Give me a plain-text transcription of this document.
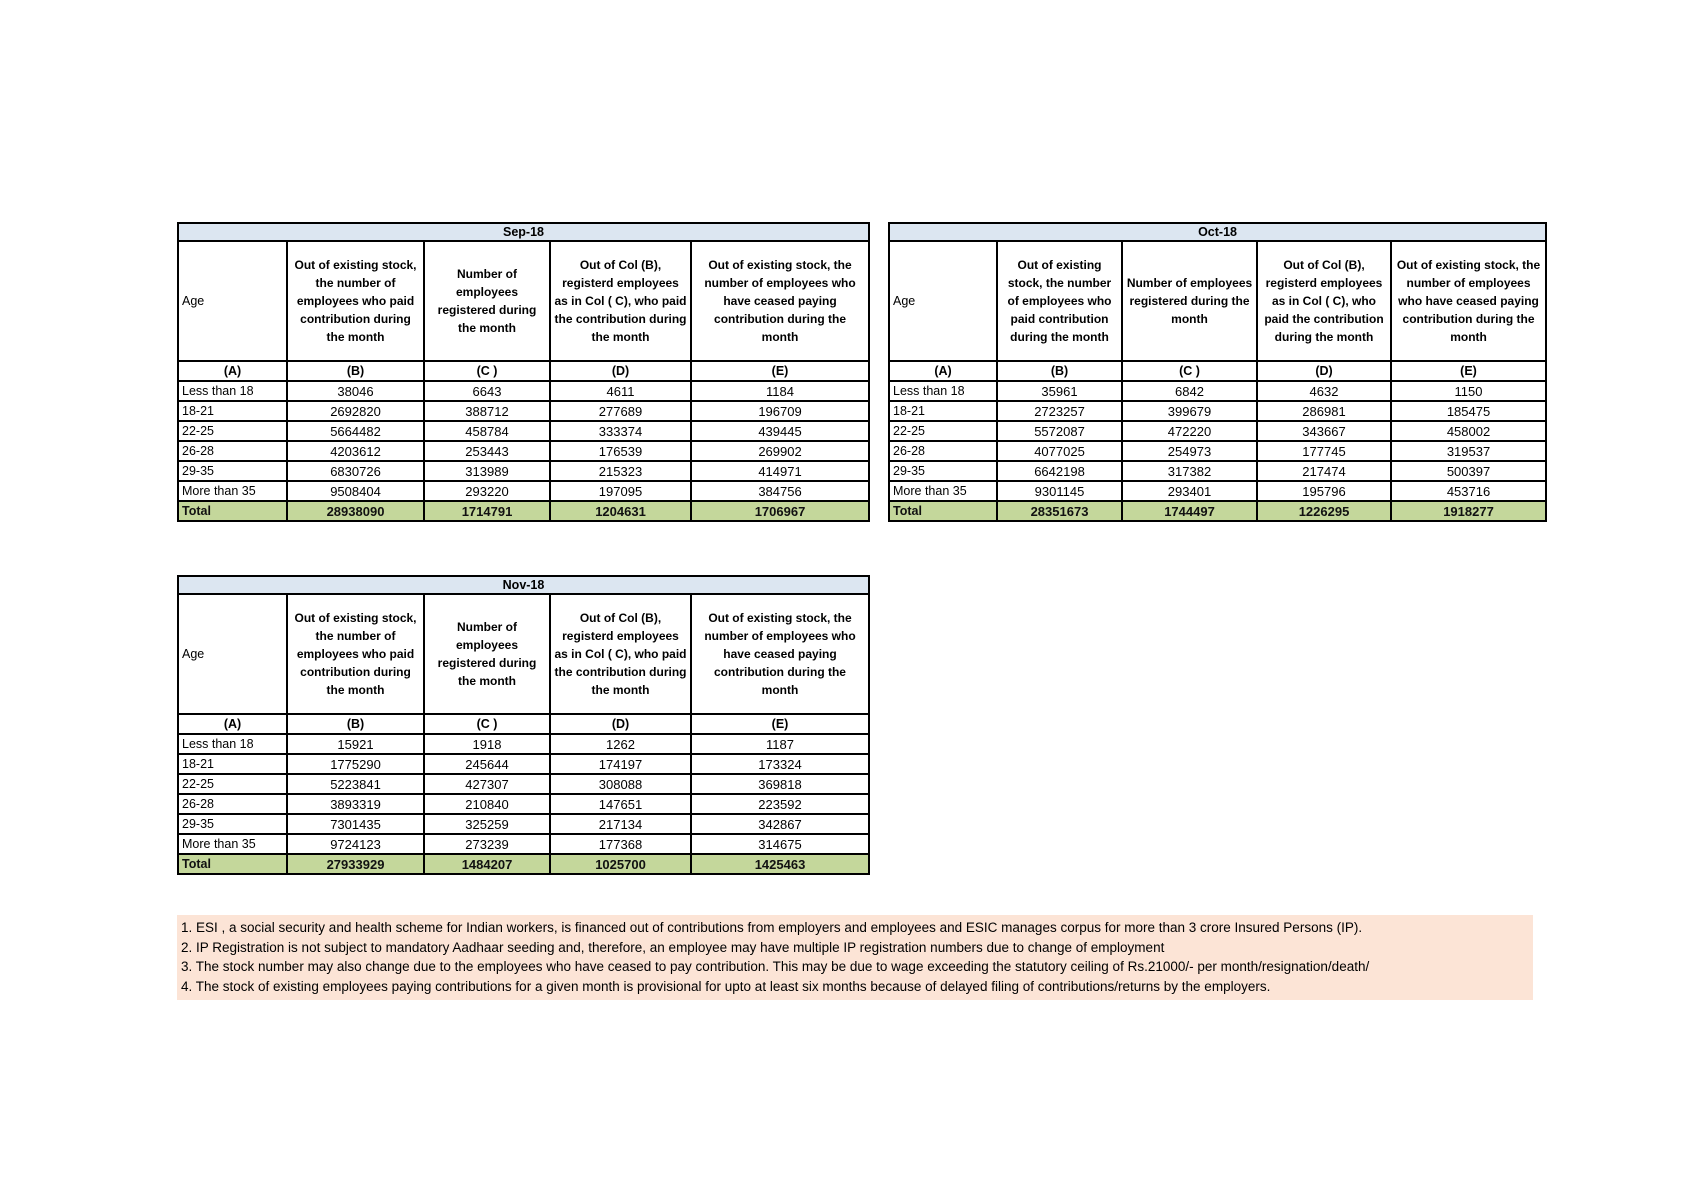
Sep-18				
Age	Out of existing stock, the number of employees who paid contribution during the month	Number of employees registered during the month	Out of Col (B), registerd employees as in Col ( C), who paid the contribution during the month	Out of existing stock, the number of employees who have ceased paying contribution during the month
(A)	(B)	(C )	(D)	(E)
Less than 18	38046	6643	4611	1184
18-21	2692820	388712	277689	196709
22-25	5664482	458784	333374	439445
26-28	4203612	253443	176539	269902
29-35	6830726	313989	215323	414971
More than 35	9508404	293220	197095	384756
Total	28938090	1714791	1204631	1706967
Oct-18				
Age	Out of existing stock, the number of employees who paid contribution during the month	Number of employees registered during the month	Out of Col (B), registerd employees as in Col ( C), who paid the contribution during the month	Out of existing stock, the number of employees who have ceased paying contribution during the month
(A)	(B)	(C )	(D)	(E)
Less than 18	35961	6842	4632	1150
18-21	2723257	399679	286981	185475
22-25	5572087	472220	343667	458002
26-28	4077025	254973	177745	319537
29-35	6642198	317382	217474	500397
More than 35	9301145	293401	195796	453716
Total	28351673	1744497	1226295	1918277
Nov-18				
Age	Out of existing stock, the number of employees who paid contribution during the month	Number of employees registered during the month	Out of Col (B), registerd employees as in Col ( C), who paid the contribution during the month	Out of existing stock, the number of employees who have ceased paying contribution during the month
(A)	(B)	(C )	(D)	(E)
Less than 18	15921	1918	1262	1187
18-21	1775290	245644	174197	173324
22-25	5223841	427307	308088	369818
26-28	3893319	210840	147651	223592
29-35	7301435	325259	217134	342867
More than 35	9724123	273239	177368	314675
Total	27933929	1484207	1025700	1425463
1. ESI , a social security and health scheme for Indian workers, is financed out of contributions from employers and employees and ESIC manages corpus for more than 3 crore Insured Persons (IP).
2. IP Registration is not subject to mandatory Aadhaar seeding and, therefore, an employee may have multiple IP registration numbers due to change of employment
3. The stock number may also change due to the employees who have ceased to pay contribution. This may be due to wage exceeding the statutory ceiling of Rs.21000/- per month/resignation/death/
4. The stock of existing employees paying contributions for a given month is provisional for upto at least six months because of delayed filing of contributions/returns by the employers.
